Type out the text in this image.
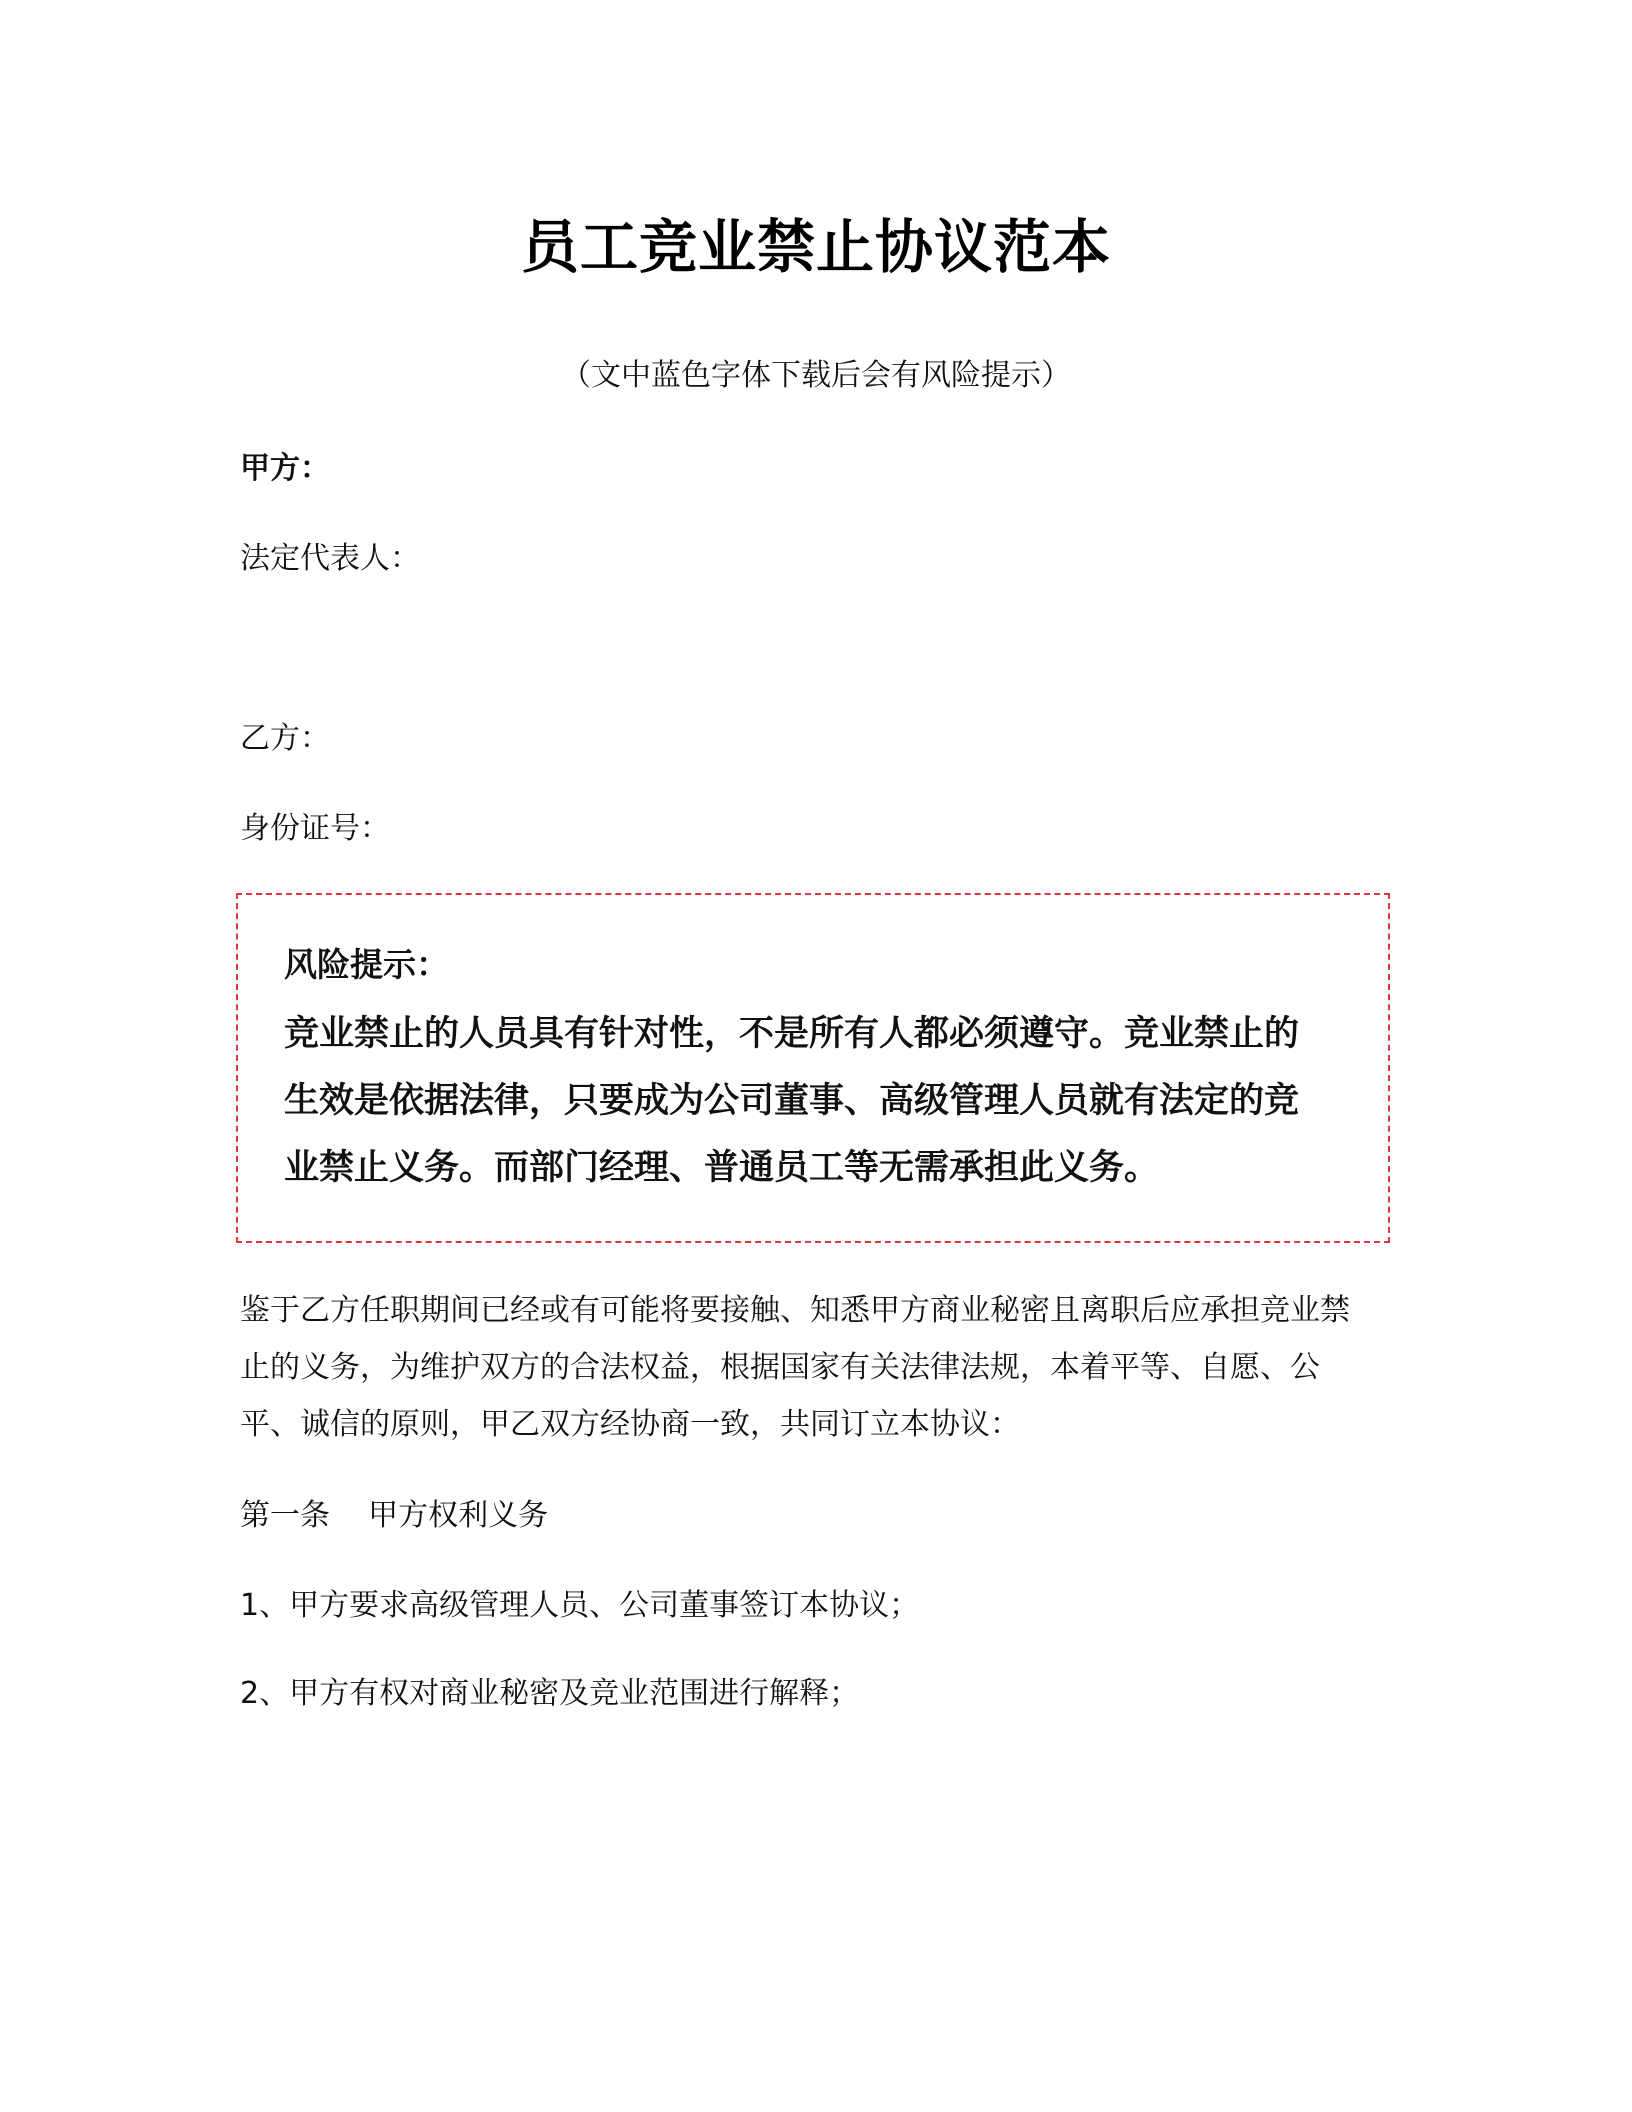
员工竞业禁止协议范本
（文中蓝色字体下载后会有风险提示）
甲方：
法定代表人：
乙方：
身份证号：
风险提示：
竞业禁止的人员具有针对性，不是所有人都必须遵守。竞业禁止的生效是依据法律，只要成为公司董事、高级管理人员就有法定的竞业禁止义务。而部门经理、普通员工等无需承担此义务。
鉴于乙方任职期间已经或有可能将要接触、知悉甲方商业秘密且离职后应承担竞业禁止的义务，为维护双方的合法权益，根据国家有关法律法规，本着平等、自愿、公平、诚信的原则，甲乙双方经协商一致，共同订立本协议：
第一条    甲方权利义务
1、甲方要求高级管理人员、公司董事签订本协议；
2、甲方有权对商业秘密及竞业范围进行解释；
